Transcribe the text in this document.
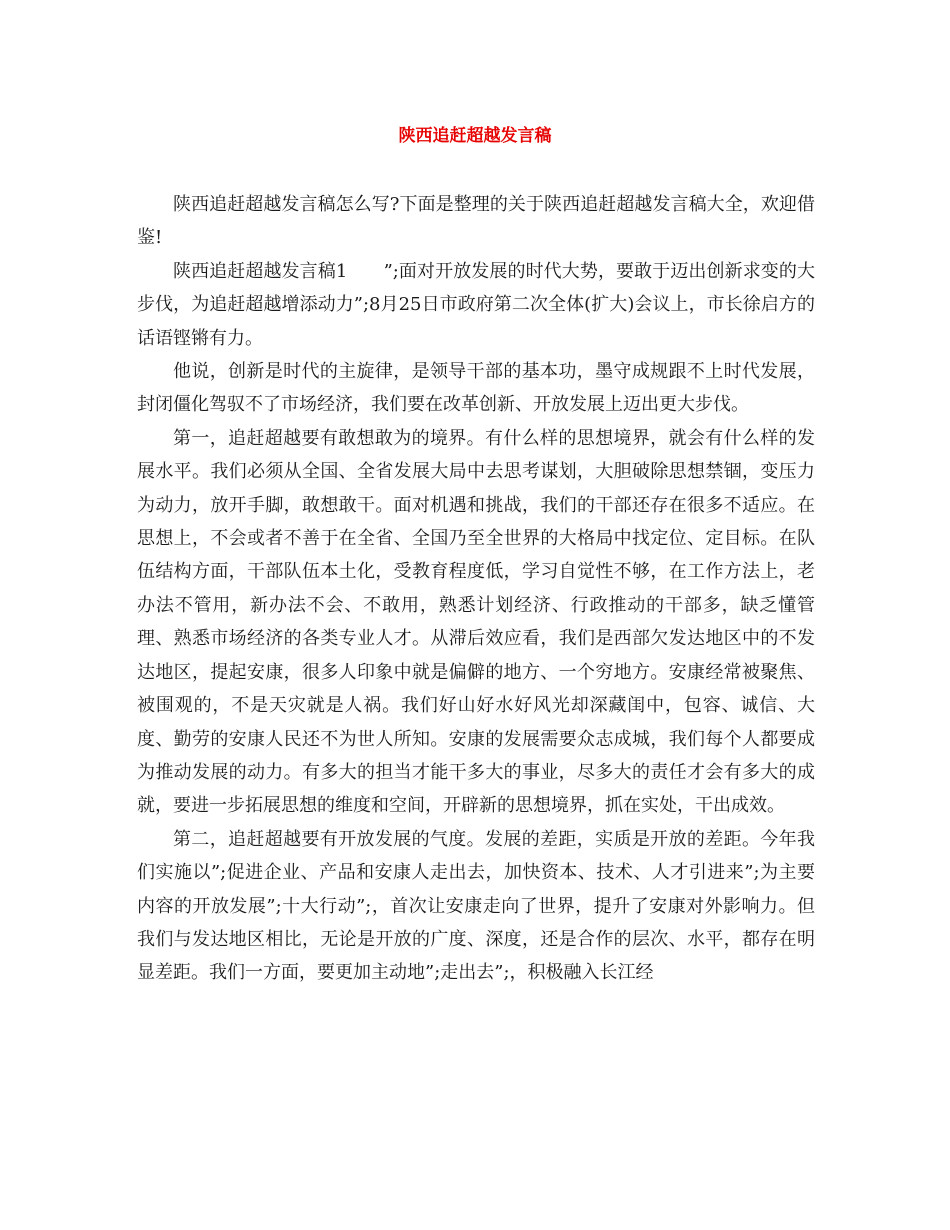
陕西追赶超越发言稿

陕西追赶超越发言稿怎么写?下面是整理的关于陕西追赶超越发言稿大全，欢迎借鉴!

陕西追赶超越发言稿1　　”;面对开放发展的时代大势，要敢于迈出创新求变的大步伐，为追赶超越增添动力”;8月25日市政府第二次全体(扩大)会议上，市长徐启方的话语铿锵有力。

他说，创新是时代的主旋律，是领导干部的基本功，墨守成规跟不上时代发展，封闭僵化驾驭不了市场经济，我们要在改革创新、开放发展上迈出更大步伐。

第一，追赶超越要有敢想敢为的境界。有什么样的思想境界，就会有什么样的发展水平。我们必须从全国、全省发展大局中去思考谋划，大胆破除思想禁锢，变压力为动力，放开手脚，敢想敢干。面对机遇和挑战，我们的干部还存在很多不适应。在思想上，不会或者不善于在全省、全国乃至全世界的大格局中找定位、定目标。在队伍结构方面，干部队伍本土化，受教育程度低，学习自觉性不够，在工作方法上，老办法不管用，新办法不会、不敢用，熟悉计划经济、行政推动的干部多，缺乏懂管理、熟悉市场经济的各类专业人才。从滞后效应看，我们是西部欠发达地区中的不发达地区，提起安康，很多人印象中就是偏僻的地方、一个穷地方。安康经常被聚焦、被围观的，不是天灾就是人祸。我们好山好水好风光却深藏闺中，包容、诚信、大度、勤劳的安康人民还不为世人所知。安康的发展需要众志成城，我们每个人都要成为推动发展的动力。有多大的担当才能干多大的事业，尽多大的责任才会有多大的成就，要进一步拓展思想的维度和空间，开辟新的思想境界，抓在实处，干出成效。

第二，追赶超越要有开放发展的气度。发展的差距，实质是开放的差距。今年我们实施以”;促进企业、产品和安康人走出去，加快资本、技术、人才引进来”;为主要内容的开放发展”;十大行动”;，首次让安康走向了世界，提升了安康对外影响力。但我们与发达地区相比，无论是开放的广度、深度，还是合作的层次、水平，都存在明显差距。我们一方面，要更加主动地”;走出去”;，积极融入长江经
